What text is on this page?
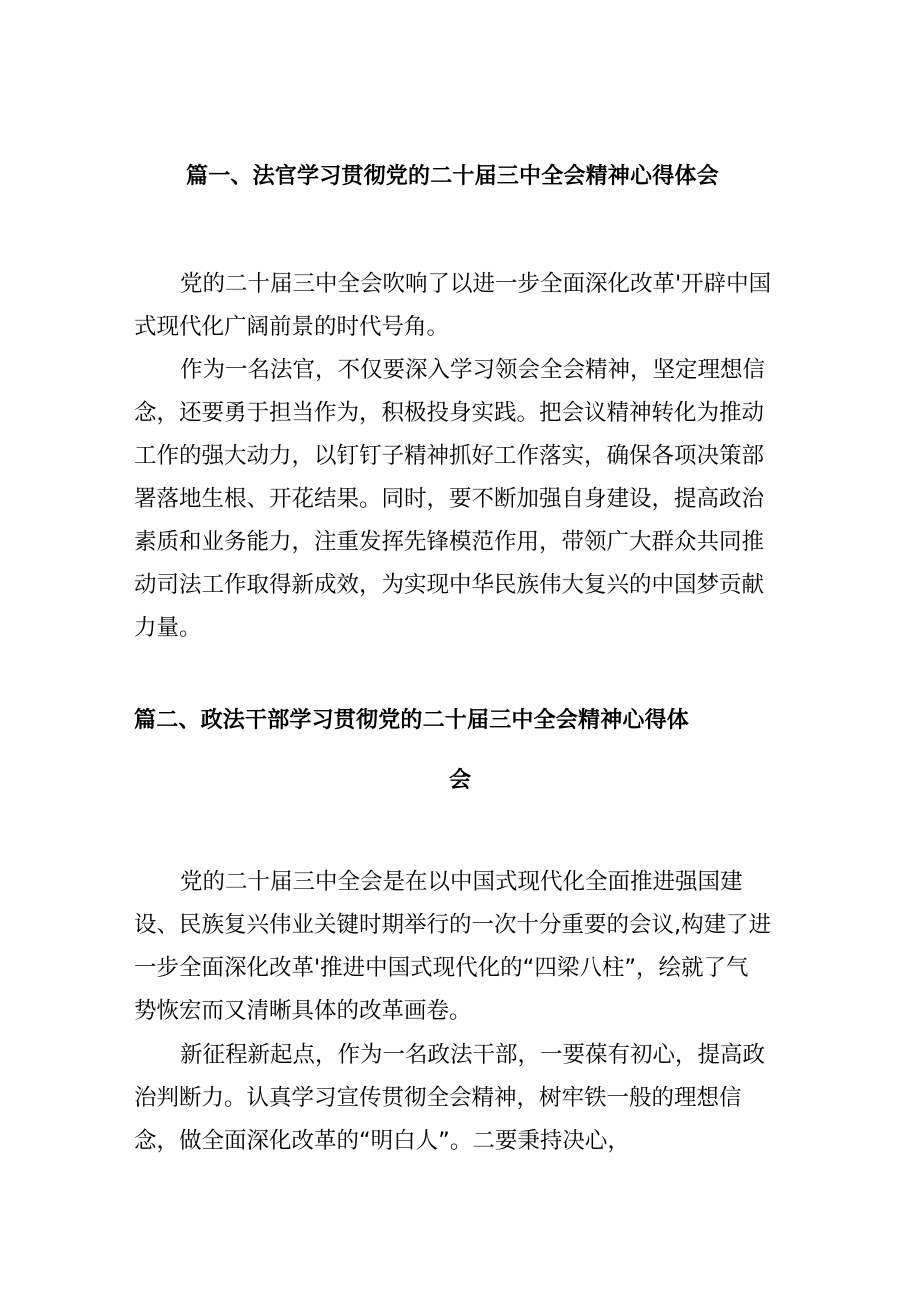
篇一、法官学习贯彻党的二十届三中全会精神心得体会
党的二十届三中全会吹响了以进一步全面深化改革'开辟中国
式现代化广阔前景的时代号角。
作为一名法官，不仅要深入学习领会全会精神，坚定理想信
念，还要勇于担当作为，积极投身实践。把会议精神转化为推动
工作的强大动力，以钉钉子精神抓好工作落实，确保各项决策部
署落地生根、开花结果。同时，要不断加强自身建设，提高政治
素质和业务能力，注重发挥先锋模范作用，带领广大群众共同推
动司法工作取得新成效，为实现中华民族伟大复兴的中国梦贡献
力量。
篇二、政法干部学习贯彻党的二十届三中全会精神心得体
会
党的二十届三中全会是在以中国式现代化全面推进强国建
设、民族复兴伟业关键时期举行的一次十分重要的会议,构建了进
一步全面深化改革'推进中国式现代化的“四梁八柱”，绘就了气
势恢宏而又清晰具体的改革画卷。
新征程新起点，作为一名政法干部，一要葆有初心，提高政
治判断力。认真学习宣传贯彻全会精神，树牢铁一般的理想信
念，做全面深化改革的“明白人”。二要秉持决心，
